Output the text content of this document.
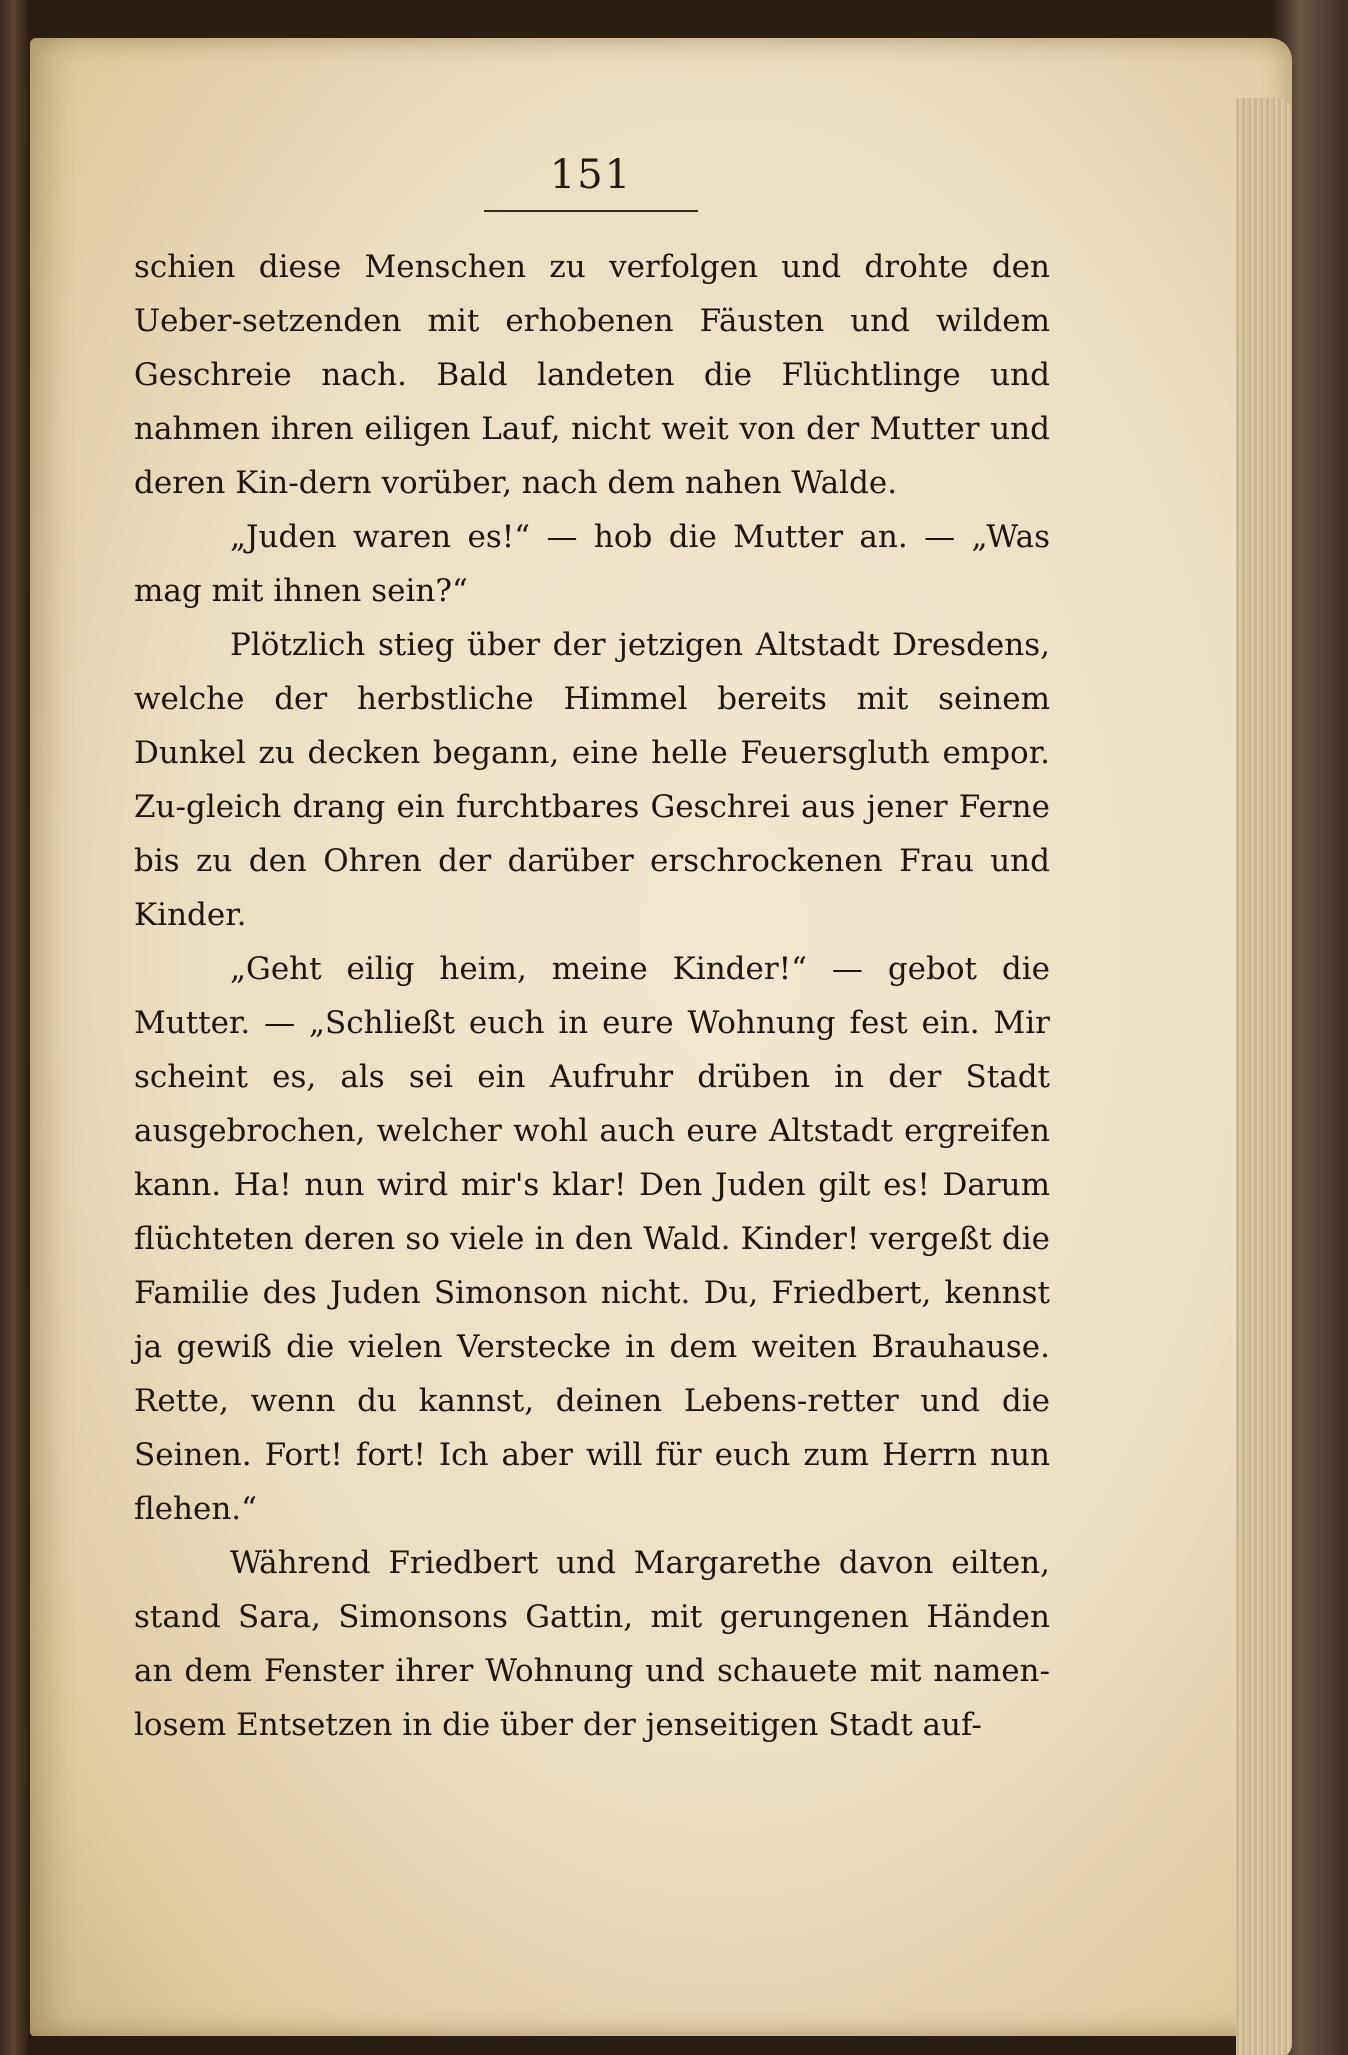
151

schien diese Menschen zu verfolgen und drohte den Ueber-setzenden mit erhobenen Fäusten und wildem Geschreie nach. Bald landeten die Flüchtlinge und nahmen ihren eiligen Lauf, nicht weit von der Mutter und deren Kin-dern vorüber, nach dem nahen Walde.

„Juden waren es!“ — hob die Mutter an. — „Was mag mit ihnen sein?“

Plötzlich stieg über der jetzigen Altstadt Dresdens, welche der herbstliche Himmel bereits mit seinem Dunkel zu decken begann, eine helle Feuersgluth empor. Zu-gleich drang ein furchtbares Geschrei aus jener Ferne bis zu den Ohren der darüber erschrockenen Frau und Kinder.

„Geht eilig heim, meine Kinder!“ — gebot die Mutter. — „Schließt euch in eure Wohnung fest ein. Mir scheint es, als sei ein Aufruhr drüben in der Stadt ausgebrochen, welcher wohl auch eure Altstadt ergreifen kann. Ha! nun wird mir's klar! Den Juden gilt es! Darum flüchteten deren so viele in den Wald. Kinder! vergeßt die Familie des Juden Simonson nicht. Du, Friedbert, kennst ja gewiß die vielen Verstecke in dem weiten Brauhause. Rette, wenn du kannst, deinen Lebens-retter und die Seinen. Fort! fort! Ich aber will für euch zum Herrn nun flehen.“

Während Friedbert und Margarethe davon eilten, stand Sara, Simonsons Gattin, mit gerungenen Händen an dem Fenster ihrer Wohnung und schauete mit namen-losem Entsetzen in die über der jenseitigen Stadt auf-
